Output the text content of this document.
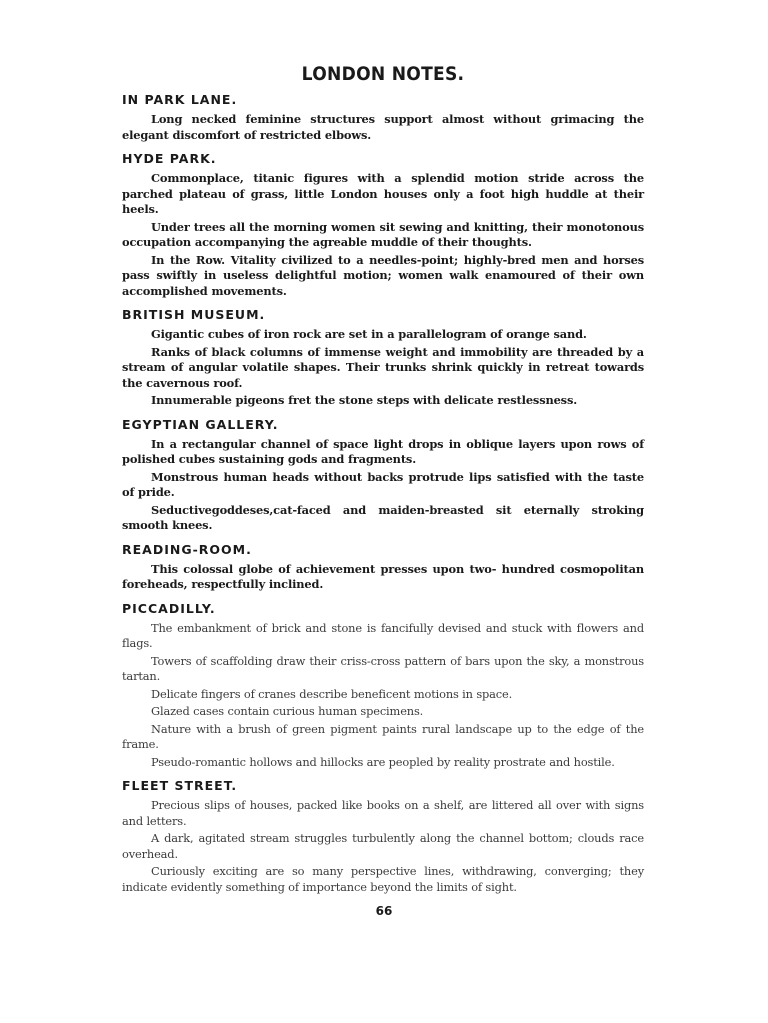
LONDON NOTES.
IN PARK LANE.

Long necked feminine structures support almost without grimacing the elegant discomfort of restricted elbows.

HYDE PARK.

Commonplace, titanic figures with a splendid motion stride across the parched plateau of grass, little London houses only a foot high huddle at their heels.

Under trees all the morning women sit sewing and knitting, their monotonous occupation accompanying the agreable muddle of their thoughts.

In the Row. Vitality civilized to a needles-point; highly-bred men and horses pass swiftly in useless delightful motion; women walk enamoured of their own accomplished movements.

BRITISH MUSEUM.

Gigantic cubes of iron rock are set in a parallelogram of orange sand.

Ranks of black columns of immense weight and immobility are threaded by a stream of angular volatile shapes. Their trunks shrink quickly in retreat towards the cavernous roof.

Innumerable pigeons fret the stone steps with delicate restlessness.

EGYPTIAN GALLERY.

In a rectangular channel of space light drops in oblique layers upon rows of polished cubes sustaining gods and fragments.

Monstrous human heads without backs protrude lips satisfied with the taste of pride.

Seductivegoddeses,cat-faced and maiden-breasted sit eternally stroking smooth knees.

READING-ROOM.

This colossal globe of achievement presses upon two- hundred cosmopolitan foreheads, respectfully inclined.

PICCADILLY.

The embankment of brick and stone is fancifully devised and stuck with flowers and flags.

Towers of scaffolding draw their criss-cross pattern of bars upon the sky, a monstrous tartan.

Delicate fingers of cranes describe beneficent motions in space.

Glazed cases contain curious human specimens.

Nature with a brush of green pigment paints rural landscape up to the edge of the frame.

Pseudo-romantic hollows and hillocks are peopled by reality prostrate and hostile.

FLEET STREET.

Precious slips of houses, packed like books on a shelf, are littered all over with signs and letters.

A dark, agitated stream struggles turbulently along the channel bottom; clouds race overhead.

Curiously exciting are so many perspective lines, withdrawing, converging; they indicate evidently something of importance beyond the limits of sight.

66
